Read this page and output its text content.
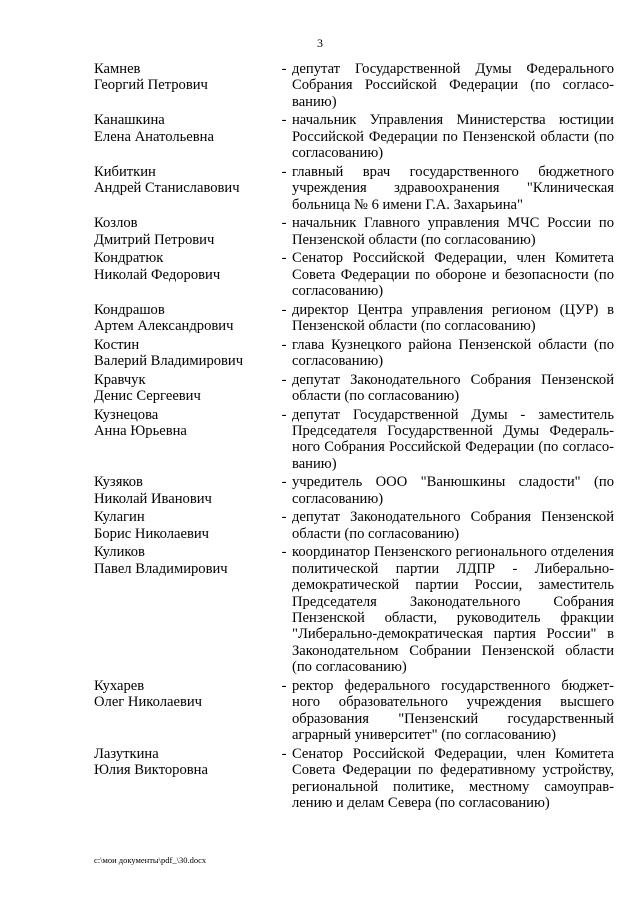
3
Камнев
Георгий Петрович
- депутат Государственной Думы Федерального Собрания Российской Федерации (по согласованию)
Канашкина
Елена Анатольевна
- начальник Управления Министерства юстиции Российской Федерации по Пензенской области (по согласованию)
Кибиткин
Андрей Станиславович
- главный врач государственного бюджетного учреждения здравоохранения "Клиническая больница № 6 имени Г.А. Захарьина"
Козлов
Дмитрий Петрович
- начальник Главного управления МЧС России по Пензенской области (по согласованию)
Кондратюк
Николай Федорович
- Сенатор Российской Федерации, член Комитета Совета Федерации по обороне и безопасности (по согласованию)
Кондрашов
Артем Александрович
- директор Центра управления регионом (ЦУР) в Пензенской области (по согласованию)
Костин
Валерий Владимирович
- глава Кузнецкого района Пензенской области (по согласованию)
Кравчук
Денис Сергеевич
- депутат Законодательного Собрания Пензенской области (по согласованию)
Кузнецова
Анна Юрьевна
- депутат Государственной Думы - заместитель Председателя Государственной Думы Федерального Собрания Российской Федерации (по согласованию)
Кузяков
Николай Иванович
- учредитель ООО "Ванюшкины сладости" (по согласованию)
Кулагин
Борис Николаевич
- депутат Законодательного Собрания Пензенской области (по согласованию)
Куликов
Павел Владимирович
- координатор Пензенского регионального отделения политической партии ЛДПР - Либерально-демократической партии России, заместитель Председателя Законодательного Собрания Пензенской области, руководитель фракции "Либерально-демократическая партия России" в Законодательном Собрании Пензенской области (по согласованию)
Кухарев
Олег Николаевич
- ректор федерального государственного бюджетного образовательного учреждения высшего образования "Пензенский государственный аграрный университет" (по согласованию)
Лазуткина
Юлия Викторовна
- Сенатор Российской Федерации, член Комитета Совета Федерации по федеративному устройству, региональной политике, местному самоуправлению и делам Севера (по согласованию)
c:\мои документы\pdf_\30.docx
